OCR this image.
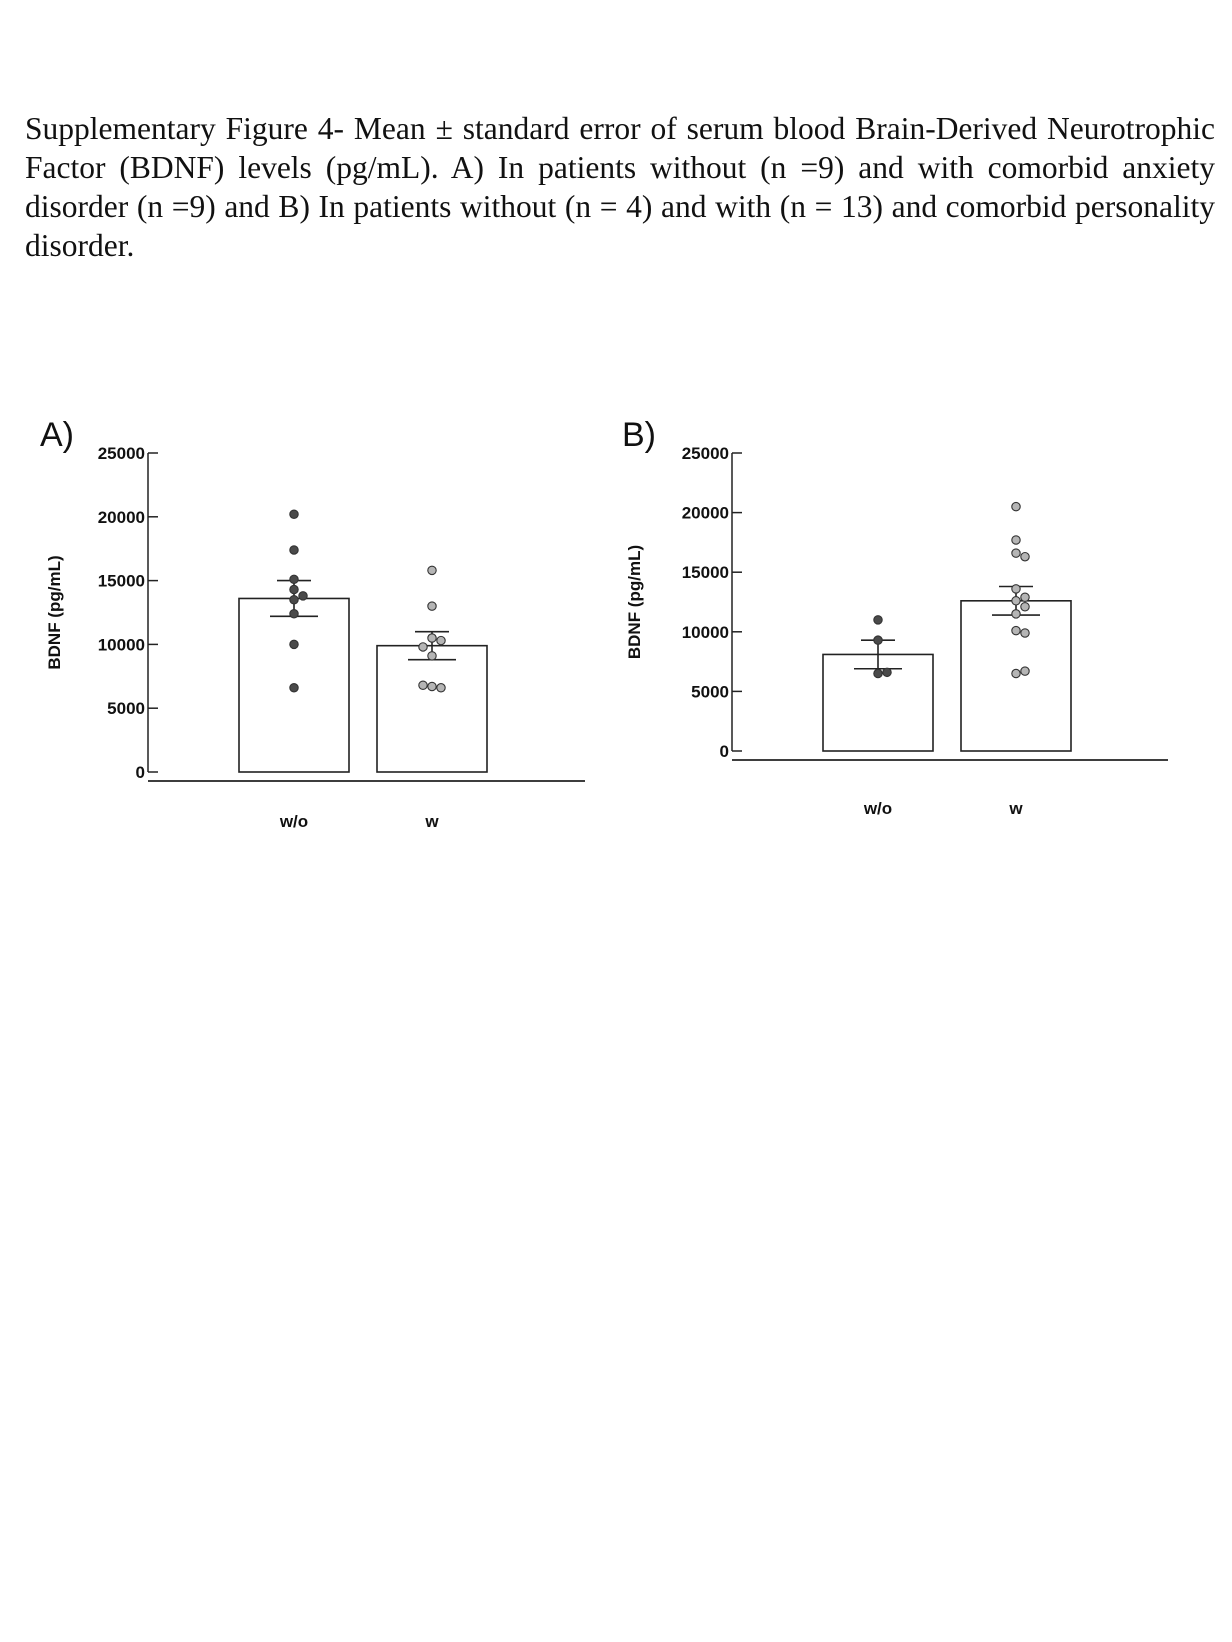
Supplementary Figure 4- Mean ± standard error of serum blood Brain-Derived Neurotrophic Factor (BDNF) levels (pg/mL). A) In patients without (n =9) and with comorbid anxiety disorder (n =9) and B) In patients without (n = 4) and with (n = 13) and comorbid personality disorder.

A)
BDNF (pg/mL)
0
5000
10000
15000
20000
25000
w/o	w
B)
BDNF (pg/mL)
0
5000
10000
15000
20000
25000
w/o	w
